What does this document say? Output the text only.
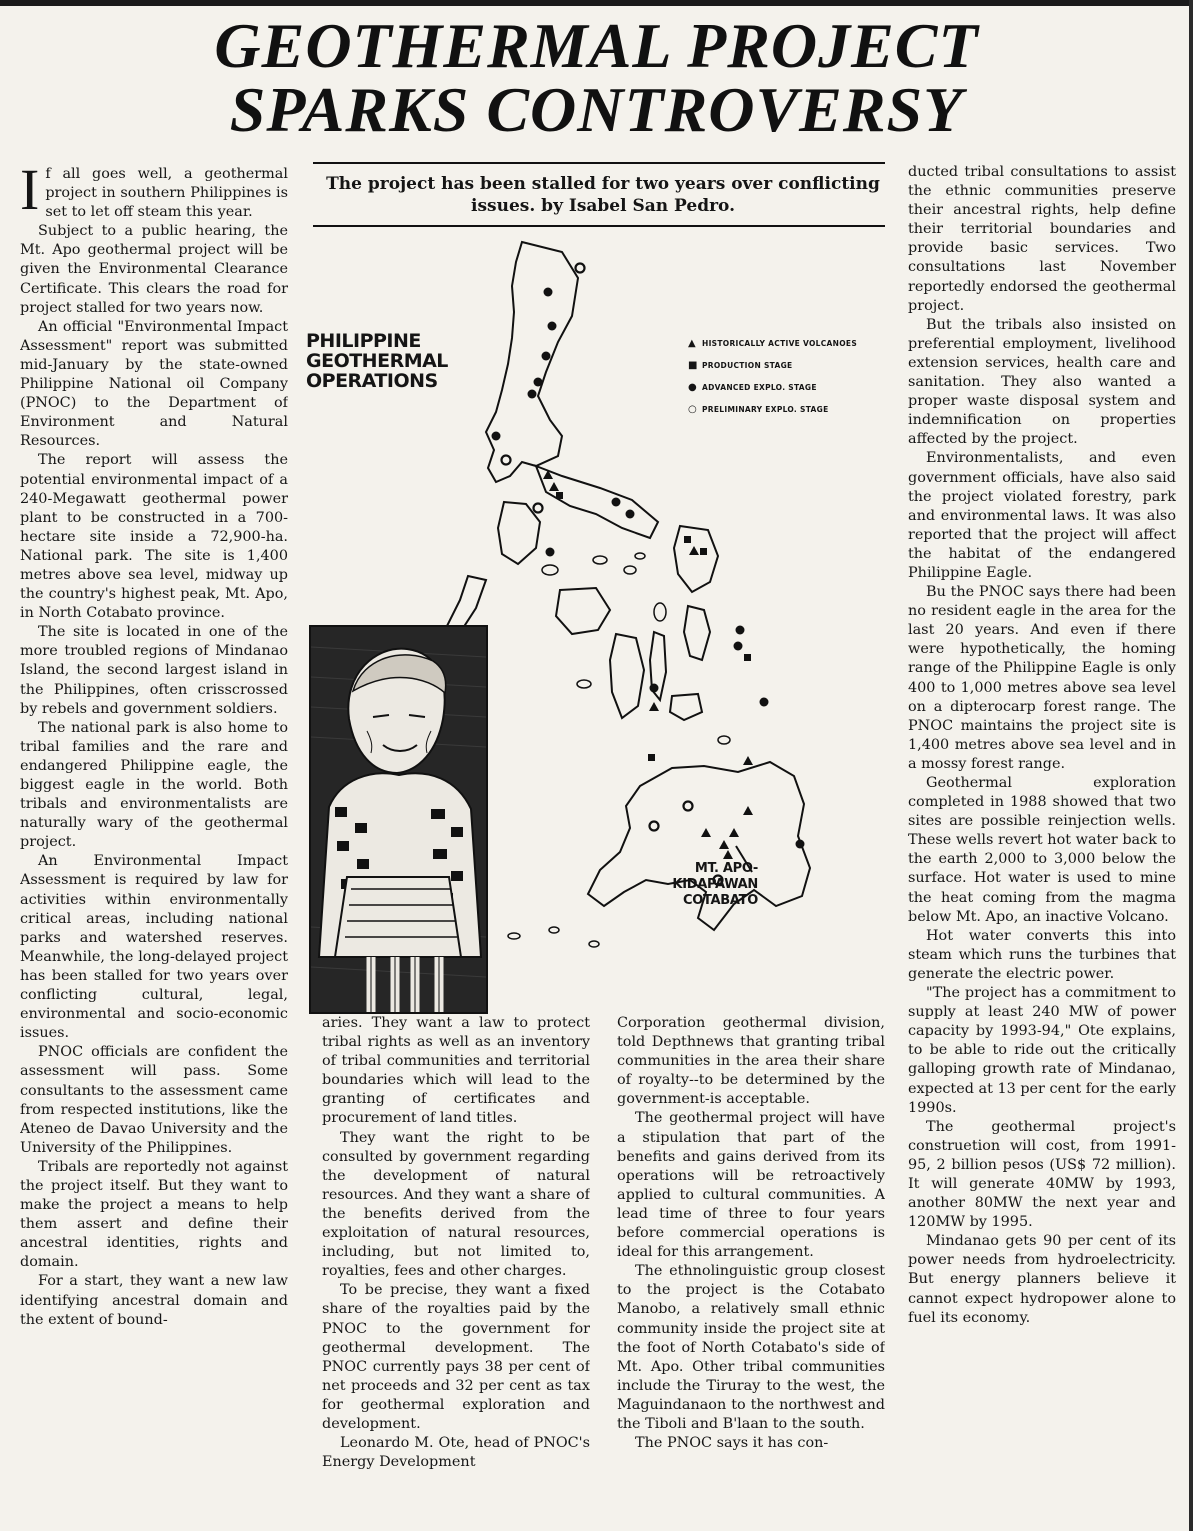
GEOTHERMAL PROJECT
SPARKS CONTROVERSY

If all goes well, a geothermal project in southern Philippines is set to let off steam this year.

Subject to a public hearing, the Mt. Apo geothermal project will be given the Environmental Clearance Certificate. This clears the road for project stalled for two years now.

An official "Environmental Impact Assessment" report was submitted mid-January by the state-owned Philippine National oil Company (PNOC) to the Department of Environment and Natural Resources.

The report will assess the potential environmental impact of a 240-Megawatt geothermal power plant to be constructed in a 700-hectare site inside a 72,900-ha. National park. The site is 1,400 metres above sea level, midway up the country's highest peak, Mt. Apo, in North Cotabato province.

The site is located in one of the more troubled regions of Mindanao Island, the second largest island in the Philippines, often crisscrossed by rebels and government soldiers.

The national park is also home to tribal families and the rare and endangered Philippine eagle, the biggest eagle in the world. Both tribals and environmentalists are naturally wary of the geothermal project.

An Environmental Impact Assessment is required by law for activities within environmentally critical areas, including national parks and watershed reserves. Meanwhile, the long-delayed project has been stalled for two years over conflicting cultural, legal, environmental and socio-economic issues.

PNOC officials are confident the assessment will pass. Some consultants to the assessment came from respected institutions, like the Ateneo de Davao University and the University of the Philippines.

Tribals are reportedly not against the project itself. But they want to make the project a means to help them assert and define their ancestral identities, rights and domain.

For a start, they want a new law identifying ancestral domain and the extent of bound-

The project has been stalled for two years over conflicting issues. by Isabel San Pedro.
PHILIPPINE
GEOTHERMAL
OPERATIONS
▲ HISTORICALLY ACTIVE VOLCANOES
■ PRODUCTION STAGE
● ADVANCED EXPLO. STAGE
○ PRELIMINARY EXPLO. STAGE
MT. APO-KIDAPAWAN
COTABATO

aries. They want a law to protect tribal rights as well as an inventory of tribal communities and territorial boundaries which will lead to the granting of certificates and procurement of land titles.

They want the right to be consulted by government regarding the development of natural resources. And they want a share of the benefits derived from the exploitation of natural resources, including, but not limited to, royalties, fees and other charges.

To be precise, they want a fixed share of the royalties paid by the PNOC to the government for geothermal development. The PNOC currently pays 38 per cent of net proceeds and 32 per cent as tax for geothermal exploration and development.

Leonardo M. Ote, head of PNOC's Energy Development

Corporation geothermal division, told Depthnews that granting tribal communities in the area their share of royalty--to be determined by the government-is acceptable.

The geothermal project will have a stipulation that part of the benefits and gains derived from its operations will be retroactively applied to cultural communities. A lead time of three to four years before commercial operations is ideal for this arrangement.

The ethnolinguistic group closest to the project is the Cotabato Manobo, a relatively small ethnic community inside the project site at the foot of North Cotabato's side of Mt. Apo. Other tribal communities include the Tiruray to the west, the Maguindanaon to the northwest and the Tiboli and B'laan to the south.

The PNOC says it has con-

ducted tribal consultations to assist the ethnic communities preserve their ancestral rights, help define their territorial boundaries and provide basic services. Two consultations last November reportedly endorsed the geothermal project.

But the tribals also insisted on preferential employment, livelihood extension services, health care and sanitation. They also wanted a proper waste disposal system and indemnification on properties affected by the project.

Environmentalists, and even government officials, have also said the project violated forestry, park and environmental laws. It was also reported that the project will affect the habitat of the endangered Philippine Eagle.

Bu the PNOC says there had been no resident eagle in the area for the last 20 years. And even if there were hypothetically, the homing range of the Philippine Eagle is only 400 to 1,000 metres above sea level on a dipterocarp forest range. The PNOC maintains the project site is 1,400 metres above sea level and in a mossy forest range.

Geothermal exploration completed in 1988 showed that two sites are possible reinjection wells. These wells revert hot water back to the earth 2,000 to 3,000 below the surface. Hot water is used to mine the heat coming from the magma below Mt. Apo, an inactive Volcano.

Hot water converts this into steam which runs the turbines that generate the electric power.

"The project has a commitment to supply at least 240 MW of power capacity by 1993-94," Ote explains, to be able to ride out the critically galloping growth rate of Mindanao, expected at 13 per cent for the early 1990s.

The geothermal project's construetion will cost, from 1991-95, 2 billion pesos (US$ 72 million). It will generate 40MW by 1993, another 80MW the next year and 120MW by 1995.

Mindanao gets 90 per cent of its power needs from hydroelectricity. But energy planners believe it cannot expect hydropower alone to fuel its economy.
